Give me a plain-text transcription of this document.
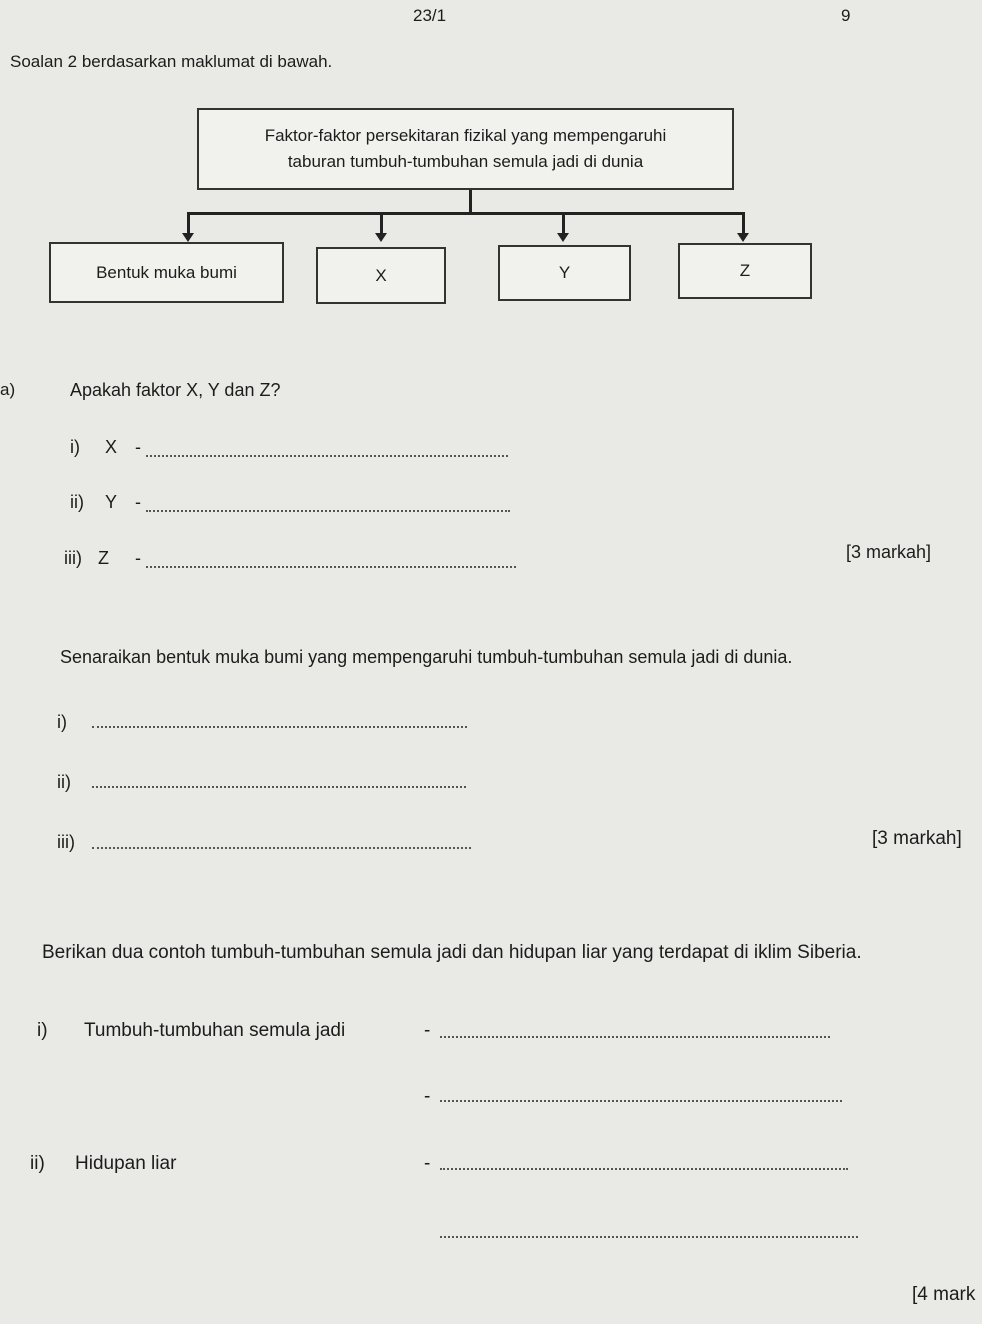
23/1	9
Soalan 2 berdasarkan maklumat di bawah.
Faktor-faktor persekitaran fizikal yang mempengaruhi
taburan tumbuh-tumbuhan semula jadi di dunia
Bentuk muka bumi	X	Y	Z
a)	Apakah faktor X, Y dan Z?
i) X -
ii) Y -
iii) Z -	[3 markah]
Senaraikan bentuk muka bumi yang mempengaruhi tumbuh-tumbuhan semula jadi di dunia.
i)
ii)
iii)	[3 markah]
Berikan dua contoh tumbuh-tumbuhan semula jadi dan hidupan liar yang terdapat di iklim Siberia.
i) Tumbuh-tumbuhan semula jadi	-
-
ii) Hidupan liar	-
[4 mark
